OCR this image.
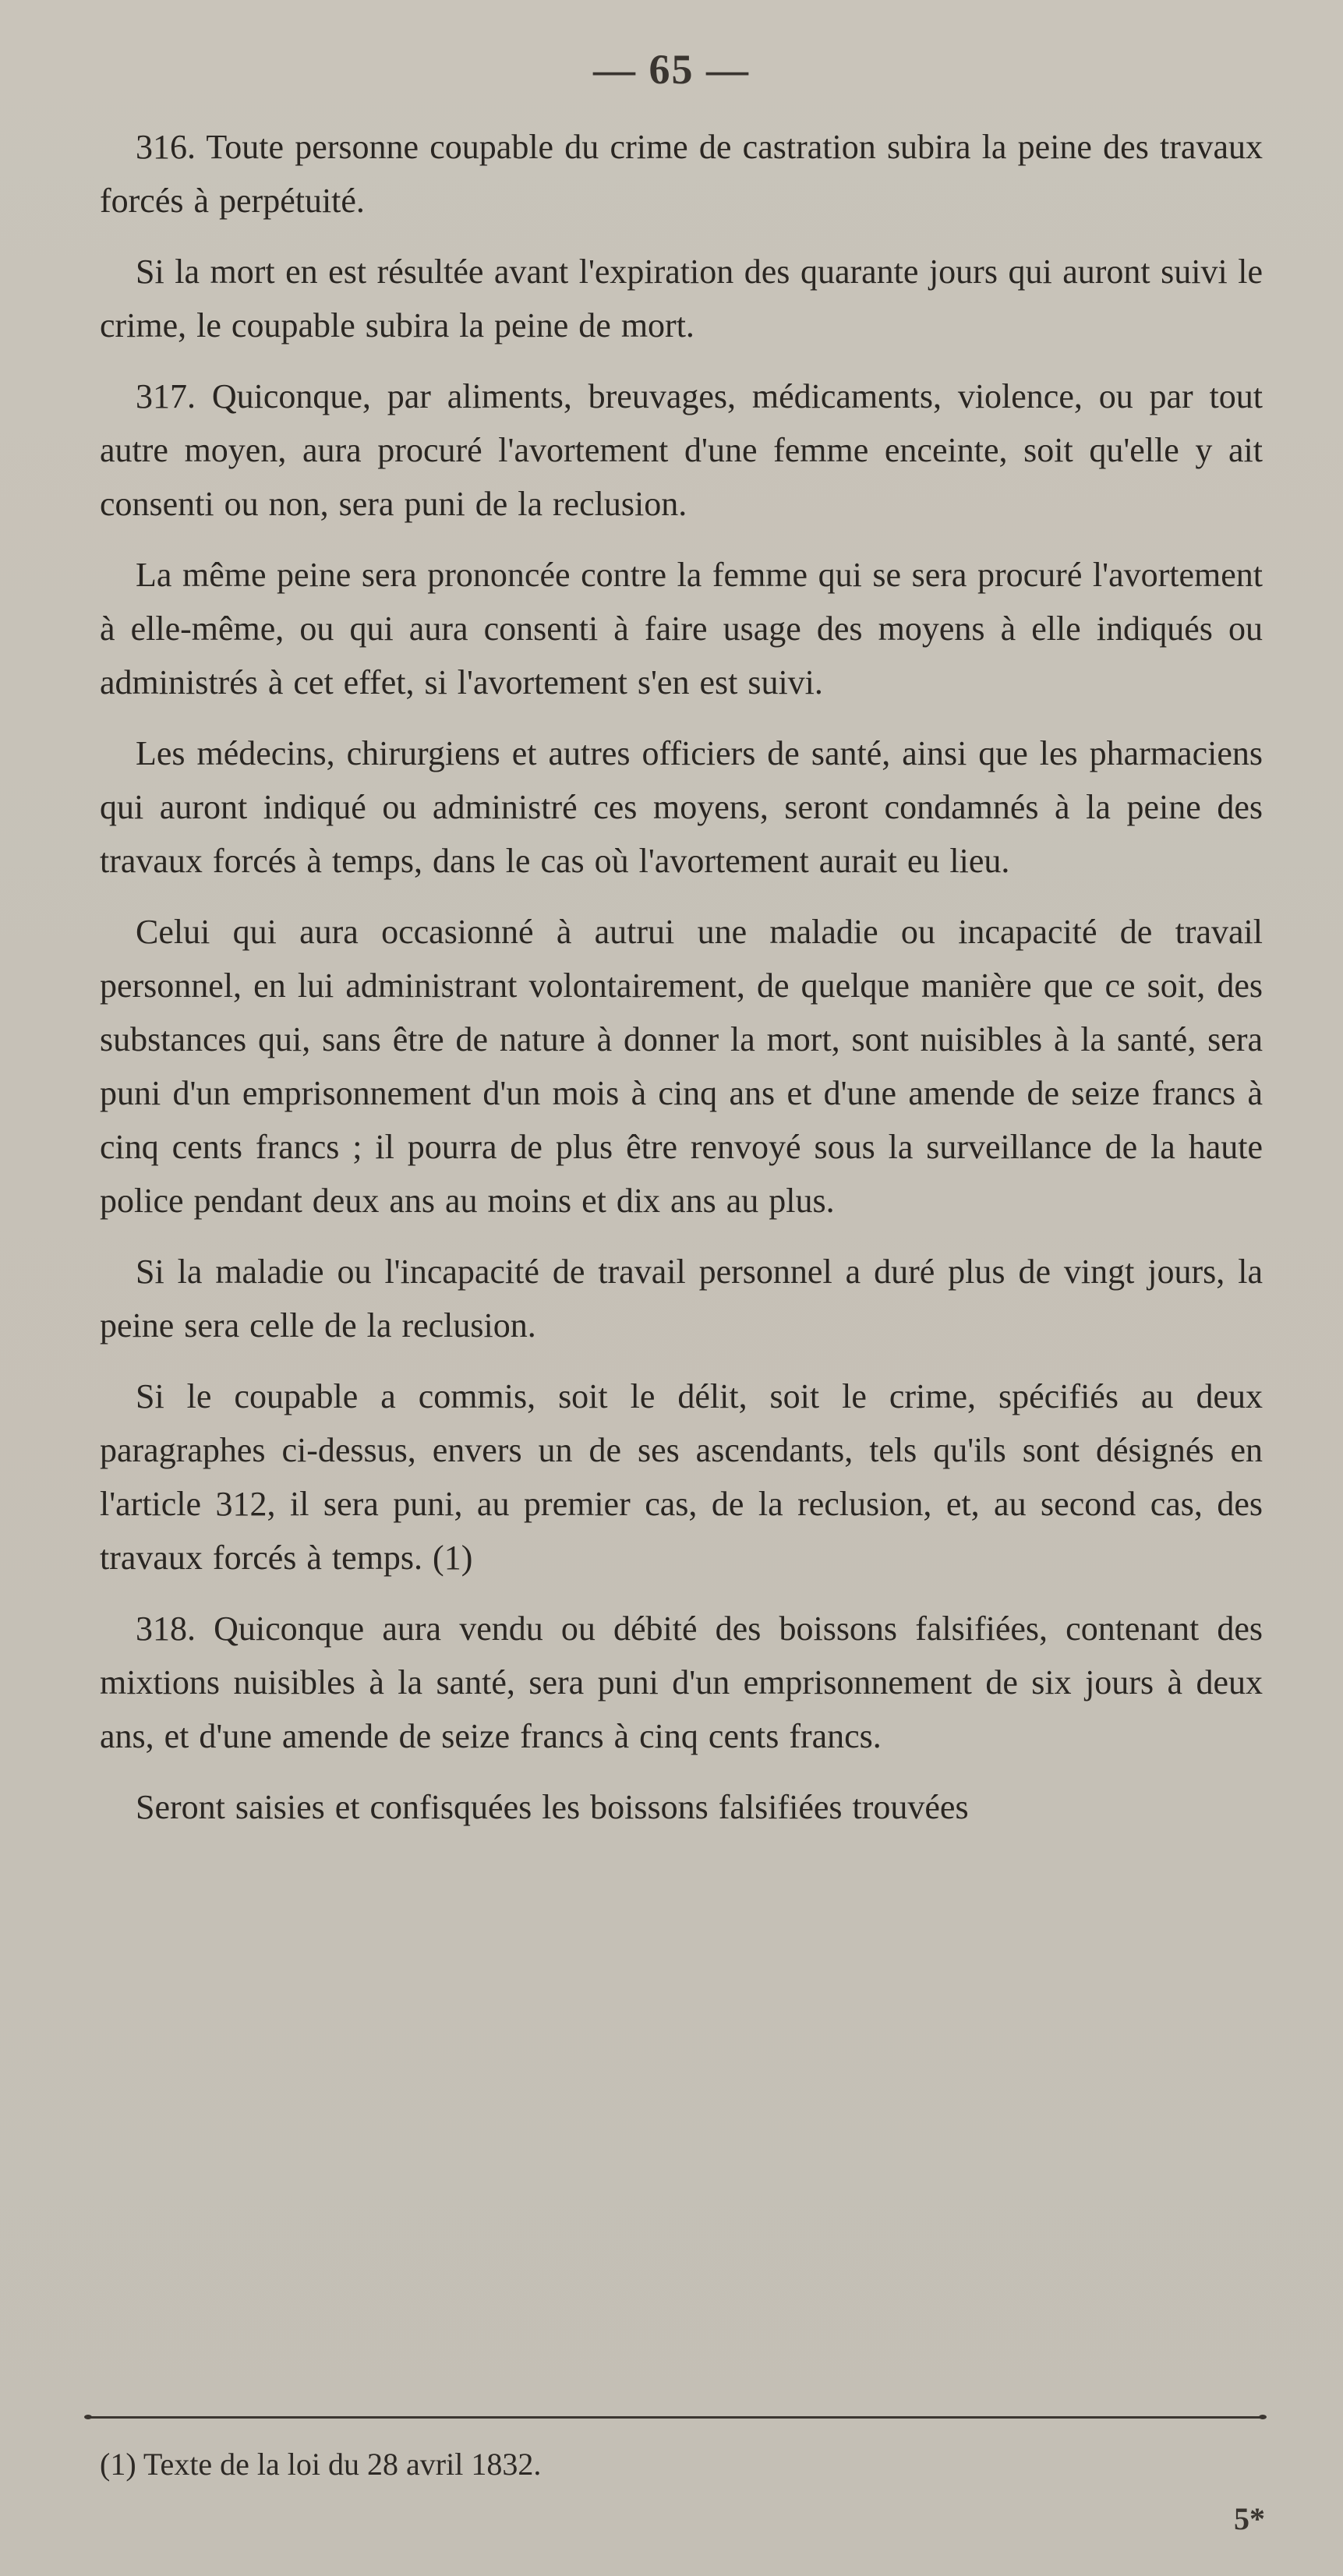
— 65 —

316. Toute personne coupable du crime de castration subira la peine des travaux forcés à perpétuité.

Si la mort en est résultée avant l'expiration des quarante jours qui auront suivi le crime, le coupable subira la peine de mort.

317. Quiconque, par aliments, breuvages, médicaments, violence, ou par tout autre moyen, aura procuré l'avortement d'une femme enceinte, soit qu'elle y ait consenti ou non, sera puni de la reclusion.

La même peine sera prononcée contre la femme qui se sera procuré l'avortement à elle-même, ou qui aura consenti à faire usage des moyens à elle indiqués ou administrés à cet effet, si l'avortement s'en est suivi.

Les médecins, chirurgiens et autres officiers de santé, ainsi que les pharmaciens qui auront indiqué ou administré ces moyens, seront condamnés à la peine des travaux forcés à temps, dans le cas où l'avortement aurait eu lieu.

Celui qui aura occasionné à autrui une maladie ou incapacité de travail personnel, en lui administrant volontairement, de quelque manière que ce soit, des substances qui, sans être de nature à donner la mort, sont nuisibles à la santé, sera puni d'un emprisonnement d'un mois à cinq ans et d'une amende de seize francs à cinq cents francs ; il pourra de plus être renvoyé sous la surveillance de la haute police pendant deux ans au moins et dix ans au plus.

Si la maladie ou l'incapacité de travail personnel a duré plus de vingt jours, la peine sera celle de la reclusion.

Si le coupable a commis, soit le délit, soit le crime, spécifiés au deux paragraphes ci-dessus, envers un de ses ascendants, tels qu'ils sont désignés en l'article 312, il sera puni, au premier cas, de la reclusion, et, au second cas, des travaux forcés à temps. (1)

318. Quiconque aura vendu ou débité des boissons falsifiées, contenant des mixtions nuisibles à la santé, sera puni d'un emprisonnement de six jours à deux ans, et d'une amende de seize francs à cinq cents francs.

Seront saisies et confisquées les boissons falsifiées trouvées

(1) Texte de la loi du 28 avril 1832.
5*
